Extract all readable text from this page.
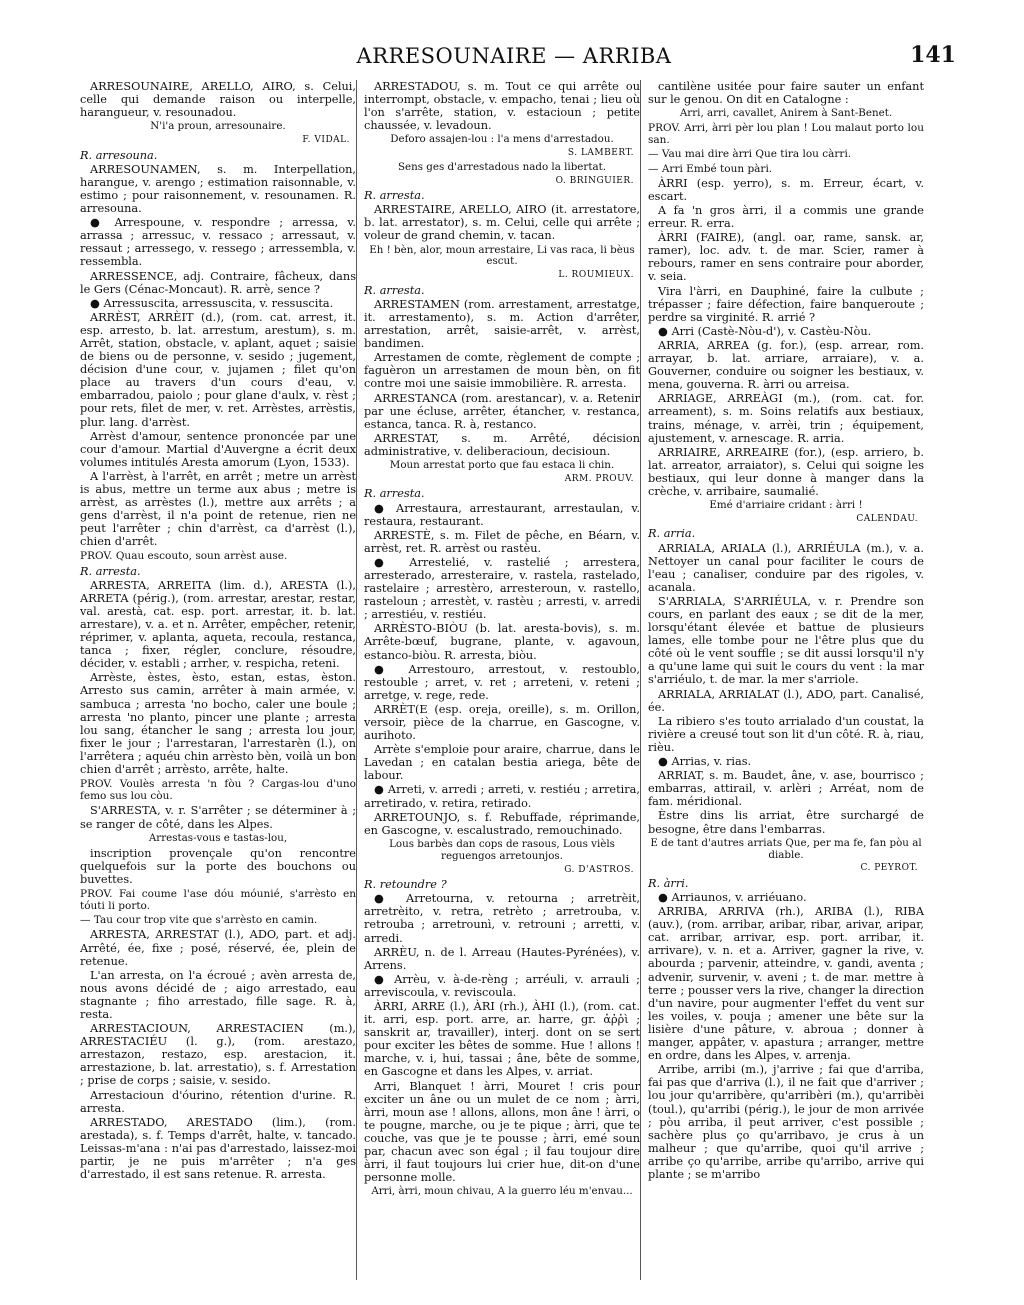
ARRESOUNAIRE — ARRIBA	141

ARRESOUNAIRE, ARELLO, AIRO, s. Celui, celle qui demande raison ou interpelle, harangueur, v. resounadou.

N'i'a proun, arresounaire.

F. VIDAL.

R. arresouna.

ARRESOUNAMEN, s. m. Interpellation, harangue, v. arengo ; estimation raisonnable, v. estimo ; pour raisonnement, v. resounamen. R. arresouna.

● Arrespoune, v. respondre ; arressa, v. arrassa ; arressuc, v. ressaco ; arressaut, v. ressaut ; arressego, v. ressego ; arressembla, v. ressembla.

ARRESSENCE, adj. Contraire, fâcheux, dans le Gers (Cénac-Moncaut). R. arrè, sence ?

● Arressuscita, arressuscita, v. ressuscita.

ARRÈST, ARRÈIT (d.), (rom. cat. arrest, it. esp. arresto, b. lat. arrestum, arestum), s. m. Arrêt, station, obstacle, v. aplant, aquet ; saisie de biens ou de personne, v. sesido ; jugement, décision d'une cour, v. jujamen ; filet qu'on place au travers d'un cours d'eau, v. embarradou, paiolo ; pour glane d'aulx, v. rèst ; pour rets, filet de mer, v. ret. Arrèstes, arrèstis, plur. lang. d'arrèst.

Arrèst d'amour, sentence prononcée par une cour d'amour. Martial d'Auvergne a écrit deux volumes intitulés Aresta amorum (Lyon, 1533).

A l'arrèst, à l'arrêt, en arrêt ; metre un arrèst is abus, mettre un terme aux abus ; metre is arrèst, as arrèstes (l.), mettre aux arrêts ; a gens d'arrèst, il n'a point de retenue, rien ne peut l'arrêter ; chin d'arrèst, ca d'arrèst (l.), chien d'arrêt.

PROV. Quau escouto, soun arrèst ause.

R. arresta.

ARRESTA, ARREITA (lim. d.), ARESTA (l.), ARRETA (périg.), (rom. arrestar, arestar, restar, val. arestà, cat. esp. port. arrestar, it. b. lat. arrestare), v. a. et n. Arrêter, empêcher, retenir, réprimer, v. aplanta, aqueta, recoula, restanca, tanca ; fixer, régler, conclure, résoudre, décider, v. establi ; arrher, v. respicha, reteni.

Arrèste, èstes, èsto, estan, estas, èston. Arresto sus camin, arrêter à main armée, v. sambuca ; arresta 'no bocho, caler une boule ; arresta 'no planto, pincer une plante ; arresta lou sang, étancher le sang ; arresta lou jour, fixer le jour ; l'arrestaran, l'arrestarèn (l.), on l'arrêtera ; aquéu chin arrèsto bèn, voilà un bon chien d'arrêt ; arrèsto, arrête, halte.

PROV. Voulès arresta 'n fòu ? Cargas-lou d'uno femo sus lou còu.

S'ARRESTA, v. r. S'arrêter ; se déterminer à ; se ranger de côté, dans les Alpes.

Arrestas-vous e tastas-lou,

inscription provençale qu'on rencontre quelquefois sur la porte des bouchons ou buvettes.

PROV. Fai coume l'ase dóu móunié, s'arrèsto en tóuti li porto.

— Tau cour trop vite que s'arrèsto en camin.

ARRESTA, ARRESTAT (l.), ADO, part. et adj. Arrêté, ée, fixe ; posé, réservé, ée, plein de retenue.

L'an arresta, on l'a écroué ; avèn arresta de, nous avons décidé de ; aigo arrestado, eau stagnante ; fiho arrestado, fille sage. R. à, resta.

ARRESTACIOUN, ARRESTACIEN (m.), ARRESTACIÉU (l. g.), (rom. arestazo, arrestazon, restazo, esp. arestacion, it. arrestazione, b. lat. arrestatio), s. f. Arrestation ; prise de corps ; saisie, v. sesido.

Arrestacioun d'óurino, rétention d'urine. R. arresta.

ARRESTADO, ARESTADO (lim.), (rom. arestada), s. f. Temps d'arrêt, halte, v. tancado. Leissas-m'ana : n'ai pas d'arrestado, laissez-moi partir, je ne puis m'arrêter ; n'a ges d'arrestado, il est sans retenue. R. arresta.

ARRESTADOU, s. m. Tout ce qui arrête ou interrompt, obstacle, v. empacho, tenai ; lieu où l'on s'arrête, station, v. estacioun ; petite chaussée, v. levadoun.

Deforo assajen-lou : l'a mens d'arrestadou.

S. LAMBERT.

Sens ges d'arrestadous nado la libertat.

O. BRINGUIER.

R. arresta.

ARRESTAIRE, ARELLO, AIRO (it. arrestatore, b. lat. arrestator), s. m. Celui, celle qui arrête ; voleur de grand chemin, v. tacan.

Eh ! bèn, alor, moun arrestaire, Li vas raca, li bèus escut.

L. ROUMIEUX.

R. arresta.

ARRESTAMEN (rom. arrestament, arrestatge, it. arrestamento), s. m. Action d'arrêter, arrestation, arrêt, saisie-arrêt, v. arrèst, bandimen.

Arrestamen de comte, règlement de compte ; faguèron un arrestamen de moun bèn, on fit contre moi une saisie immobilière. R. arresta.

ARRESTANCA (rom. arestancar), v. a. Retenir par une écluse, arrêter, étancher, v. restanca, estanca, tanca. R. à, restanco.

ARRESTAT, s. m. Arrêté, décision administrative, v. deliberacioun, decisioun.

Moun arrestat porto que fau estaca li chin.

ARM. PROUV.

R. arresta.

● Arrestaura, arrestaurant, arrestaulan, v. restaura, restaurant.

ARRESTÈ, s. m. Filet de pêche, en Béarn, v. arrèst, ret. R. arrèst ou rastèu.

● Arrestelié, v. rastelié ; arrestera, arresterado, arresteraire, v. rastela, rastelado, rastelaire ; arrestèro, arresteroun, v. rastello, rasteloun ; arrestèt, v. rastèu ; arresti, v. arredi ; arrestiéu, v. restiéu.

ARRÈSTO-BIÒU (b. lat. aresta-bovis), s. m. Arrête-bœuf, bugrane, plante, v. agavoun, estanco-biòu. R. arresta, biòu.

● Arrestouro, arrestout, v. restoublo, restouble ; arret, v. ret ; arreteni, v. reteni ; arretge, v. rege, rede.

ARRÈT(E (esp. oreja, oreille), s. m. Orillon, versoir, pièce de la charrue, en Gascogne, v. aurihoto.

Arrète s'emploie pour araire, charrue, dans le Lavedan ; en catalan bestia ariega, bête de labour.

● Arreti, v. arredi ; arreti, v. restiéu ; arretira, arretirado, v. retira, retirado.

ARRETOUNJO, s. f. Rebuffade, réprimande, en Gascogne, v. escalustrado, remouchinado.

Lous barbès dan cops de rasous, Lous vièls reguengos arretounjos.

G. D'ASTROS.

R. retoundre ?

● Arretourna, v. retourna ; arretrèit, arretrèito, v. retra, retrèto ; arretrouba, v. retrouba ; arretrounì, v. retrouni ; arretti, v. arredi.

ARRÈU, n. de l. Arreau (Hautes-Pyrénées), v. Arrens.

● Arrèu, v. à-de-rèng ; arréuli, v. arrauli ; arreviscoula, v. reviscoula.

ÀRRI, ARRE (l.), ÀRI (rh.), ÀHI (l.), (rom. cat. it. arri, esp. port. arre, ar. harre, gr. ἀῤῥὶ ; sanskrit ar, travailler), interj. dont on se sert pour exciter les bêtes de somme. Hue ! allons ! marche, v. i, hui, tassai ; âne, bête de somme, en Gascogne et dans les Alpes, v. arriat.

Arri, Blanquet ! àrri, Mouret ! cris pour exciter un âne ou un mulet de ce nom ; àrri, àrri, moun ase ! allons, allons, mon âne ! àrri, o te pougne, marche, ou je te pique ; àrri, que te couche, vas que je te pousse ; àrri, emé soun par, chacun avec son égal ; il fau toujour dire àrri, il faut toujours lui crier hue, dit-on d'une personne molle.

Arri, àrri, moun chivau, A la guerro léu m'envau...

cantilène usitée pour faire sauter un enfant sur le genou. On dit en Catalogne :

Arri, arri, cavallet, Anirem à Sant-Benet.

PROV. Arri, àrri pèr lou plan ! Lou malaut porto lou san.

— Vau mai dire àrri Que tira lou càrri.

— Arri Embé toun pàri.

ÀRRI (esp. yerro), s. m. Erreur, écart, v. escart.

A fa 'n gros àrri, il a commis une grande erreur. R. erra.

ÀRRI (FAIRE), (angl. oar, rame, sansk. ar, ramer), loc. adv. t. de mar. Scier, ramer à rebours, ramer en sens contraire pour aborder, v. seia.

Vira l'àrri, en Dauphiné, faire la culbute ; trépasser ; faire défection, faire banqueroute ; perdre sa virginité. R. arrié ?

● Arri (Castè-Nòu-d'), v. Castèu-Nòu.

ARRIA, ARREA (g. for.), (esp. arrear, rom. arrayar, b. lat. arriare, arraiare), v. a. Gouverner, conduire ou soigner les bestiaux, v. mena, gouverna. R. àrri ou arreisa.

ARRIAGE, ARREÀGI (m.), (rom. cat. for. arreament), s. m. Soins relatifs aux bestiaux, trains, ménage, v. arrèi, trin ; équipement, ajustement, v. arnescage. R. arria.

ARRIAIRE, ARREAIRE (for.), (esp. arriero, b. lat. arreator, arraiator), s. Celui qui soigne les bestiaux, qui leur donne à manger dans la crèche, v. arribaire, saumalié.

Emé d'arriaire cridant : àrri !

CALENDAU.

R. arria.

ARRIALA, ARIALA (l.), ARRIÉULA (m.), v. a. Nettoyer un canal pour faciliter le cours de l'eau ; canaliser, conduire par des rigoles, v. acanala.

S'ARRIALA, S'ARRIÉULA, v. r. Prendre son cours, en parlant des eaux ; se dit de la mer, lorsqu'étant élevée et battue de plusieurs lames, elle tombe pour ne l'être plus que du côté où le vent souffle ; se dit aussi lorsqu'il n'y a qu'une lame qui suit le cours du vent : la mar s'arriéulo, t. de mar. la mer s'arriole.

ARRIALA, ARRIALAT (l.), ADO, part. Canalisé, ée.

La ribiero s'es touto arrialado d'un coustat, la rivière a creusé tout son lit d'un côté. R. à, riau, rièu.

● Arrias, v. rias.

ARRIAT, s. m. Baudet, âne, v. ase, bourrisco ; embarras, attirail, v. arlèri ; Arréat, nom de fam. méridional.

Èstre dins lis arriat, être surchargé de besogne, être dans l'embarras.

E de tant d'autres arriats Que, per ma fe, fan pòu al diable.

C. PEYROT.

R. àrri.

● Arriaunos, v. arriéuano.

ARRIBA, ARRIVA (rh.), ARIBA (l.), RIBA (auv.), (rom. arribar, aribar, ribar, arivar, aripar, cat. arribar, arrivar, esp. port. arribar, it. arrivare), v. n. et a. Arriver, gagner la rive, v. abourda ; parvenir, atteindre, v. gandi, aventa ; advenir, survenir, v. aveni ; t. de mar. mettre à terre ; pousser vers la rive, changer la direction d'un navire, pour augmenter l'effet du vent sur les voiles, v. pouja ; amener une bête sur la lisière d'une pâture, v. abroua ; donner à manger, appâter, v. apastura ; arranger, mettre en ordre, dans les Alpes, v. arrenja.

Arribe, arribi (m.), j'arrive ; fai que d'arriba, fai pas que d'arriva (l.), il ne fait que d'arriver ; lou jour qu'arribère, qu'arribèri (m.), qu'arribèi (toul.), qu'arribi (périg.), le jour de mon arrivée ; pòu arriba, il peut arriver, c'est possible ; sachère plus ço qu'arribavo, je crus à un malheur ; que qu'arribe, quoi qu'il arrive ; arribe ço qu'arribe, arribe qu'arribo, arrive qui plante ; se m'arribo
